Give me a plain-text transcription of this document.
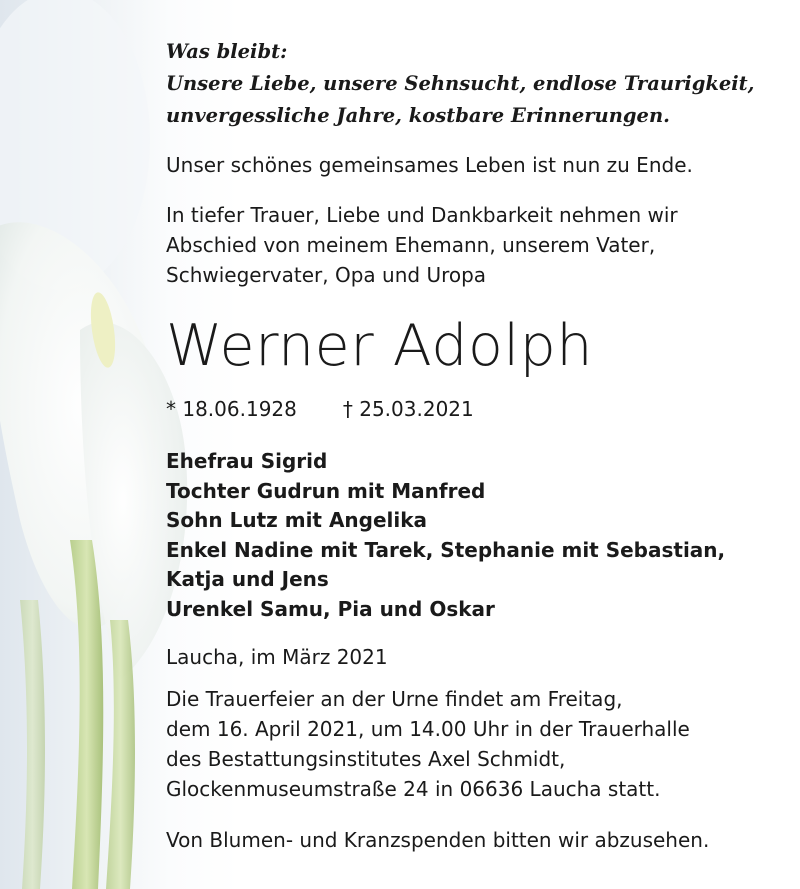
Was bleibt:
Unsere Liebe, unsere Sehnsucht, endlose Traurigkeit,
unvergessliche Jahre, kostbare Erinnerungen.
Unser schönes gemeinsames Leben ist nun zu Ende.
In tiefer Trauer, Liebe und Dankbarkeit nehmen wir
Abschied von meinem Ehemann, unserem Vater,
Schwiegervater, Opa und Uropa
Werner Adolph
* 18.06.1928 † 25.03.2021
Ehefrau Sigrid
Tochter Gudrun mit Manfred
Sohn Lutz mit Angelika
Enkel Nadine mit Tarek, Stephanie mit Sebastian,
Katja und Jens
Urenkel Samu, Pia und Oskar
Laucha, im März 2021
Die Trauerfeier an der Urne findet am Freitag,
dem 16. April 2021, um 14.00 Uhr in der Trauerhalle
des Bestattungsinstitutes Axel Schmidt,
Glockenmuseumstraße 24 in 06636 Laucha statt.
Von Blumen- und Kranzspenden bitten wir abzusehen.
